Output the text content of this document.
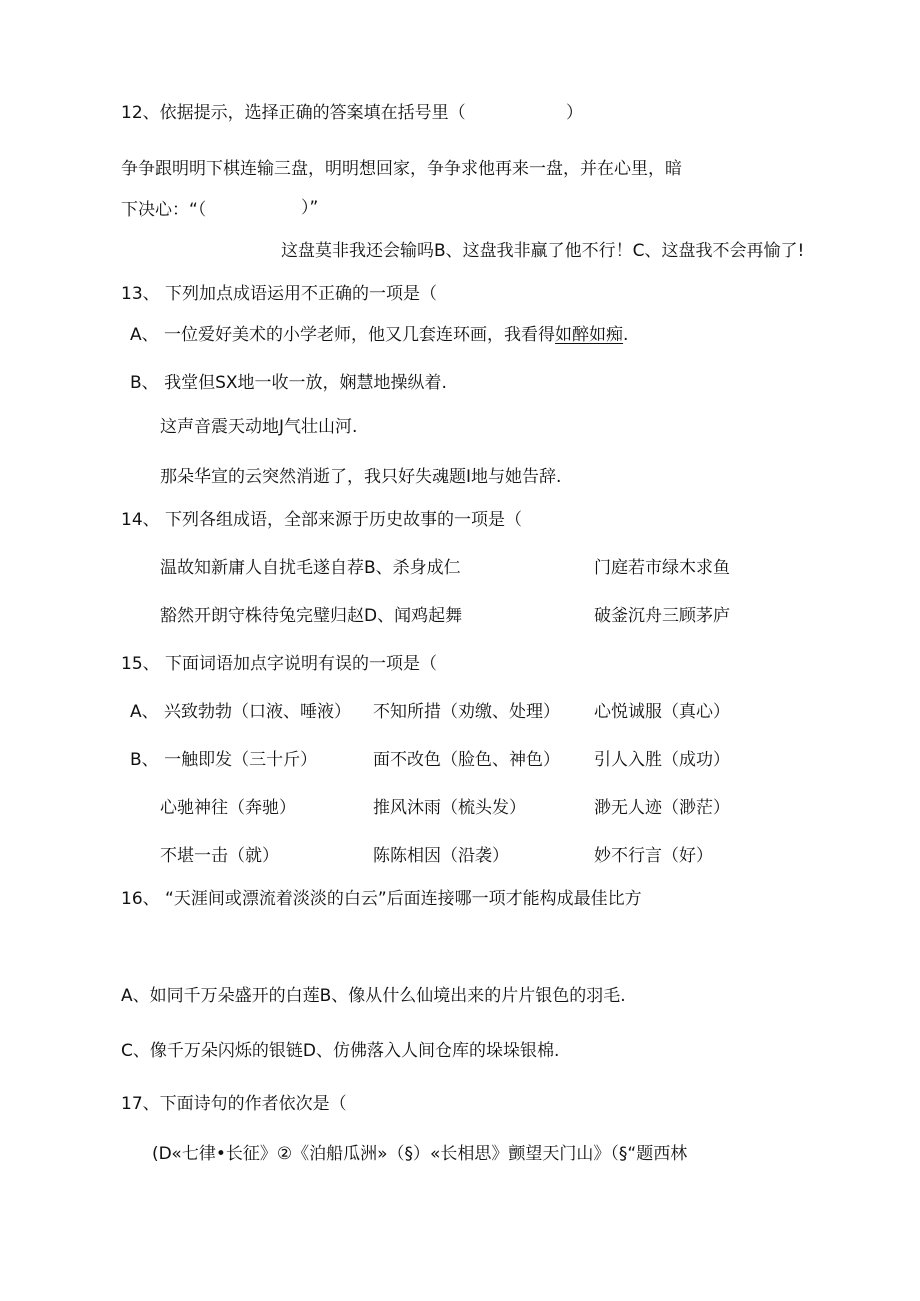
12、依据提示，选择正确的答案填在括号里（	）
争争跟明明下棋连输三盘，明明想回家，争争求他再来一盘，并在心里，暗
下决心：“（	）”
这盘莫非我还会输吗B、这盘我非赢了他不行！C、这盘我不会再愉了!
13、 下列加点成语运用不正确的一项是（
A、 一位爱好美术的小学老师，他又几套连环画，我看得如醉如痴.
B、 我堂但SX地一收一放，娴慧地操纵着.
这声音震天动地J气壮山河.
那朵华宣的云突然消逝了，我只好失魂题I地与她告辞.
14、 下列各组成语，全部来源于历史故事的一项是（
温故知新庸人自扰毛遂自荐B、杀身成仁	门庭若市绿木求鱼
豁然开朗守株待兔完璧归赵D、闻鸡起舞	破釜沉舟三顾茅庐
15、 下面词语加点字说明有误的一项是（
A、 兴致勃勃（口液、唾液） 不知所措（劝缴、处理） 心悦诚服（真心）
B、 一触即发（三十斤）	面不改色（脸色、神色） 引人入胜（成功）
心驰神往（奔驰）	推风沐雨（梳头发）	渺无人迹（渺茫）
不堪一击（就）	陈陈相因（沿袭）	妙不行言（好）
16、 “天涯间或漂流着淡淡的白云”后面连接哪一项才能构成最佳比方
A、如同千万朵盛开的白莲B、像从什么仙境出来的片片银色的羽毛.
C、像千万朵闪烁的银链D、仿佛落入人间仓库的垛垛银棉.
17、下面诗句的作者依次是（
(D«七律•长征》②《泊船瓜洲»（§）«长相思》颤望天门山》（§“题西林
